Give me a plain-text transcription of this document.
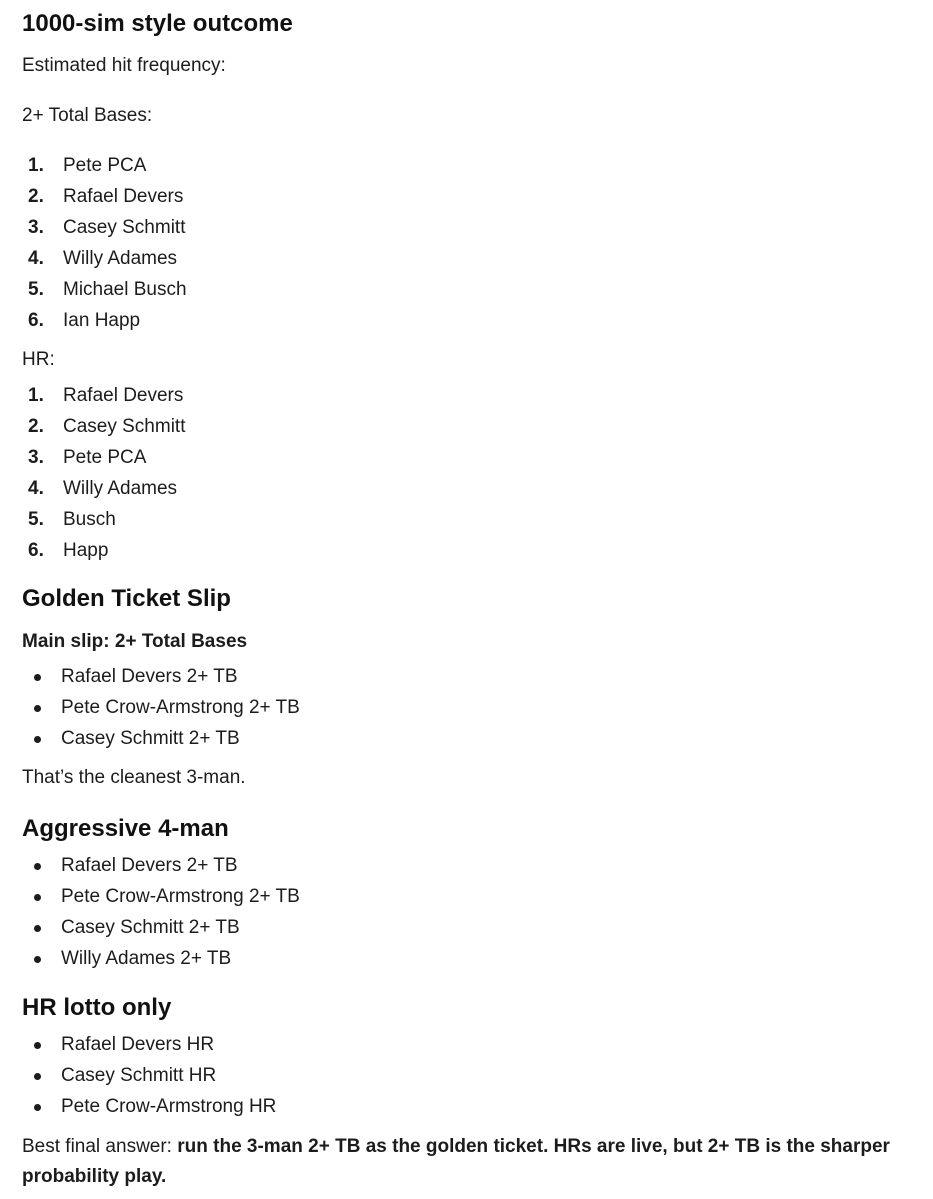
1000-sim style outcome

Estimated hit frequency:

2+ Total Bases:

1. Pete PCA
2. Rafael Devers
3. Casey Schmitt
4. Willy Adames
5. Michael Busch
6. Ian Happ

HR:

1. Rafael Devers
2. Casey Schmitt
3. Pete PCA
4. Willy Adames
5. Busch
6. Happ
Golden Ticket Slip

Main slip: 2+ Total Bases

Rafael Devers 2+ TB
Pete Crow-Armstrong 2+ TB
Casey Schmitt 2+ TB

That’s the cleanest 3-man.

Aggressive 4-man
Rafael Devers 2+ TB
Pete Crow-Armstrong 2+ TB
Casey Schmitt 2+ TB
Willy Adames 2+ TB
HR lotto only
Rafael Devers HR
Casey Schmitt HR
Pete Crow-Armstrong HR

Best final answer: run the 3-man 2+ TB as the golden ticket. HRs are live, but 2+ TB is the sharper probability play.
